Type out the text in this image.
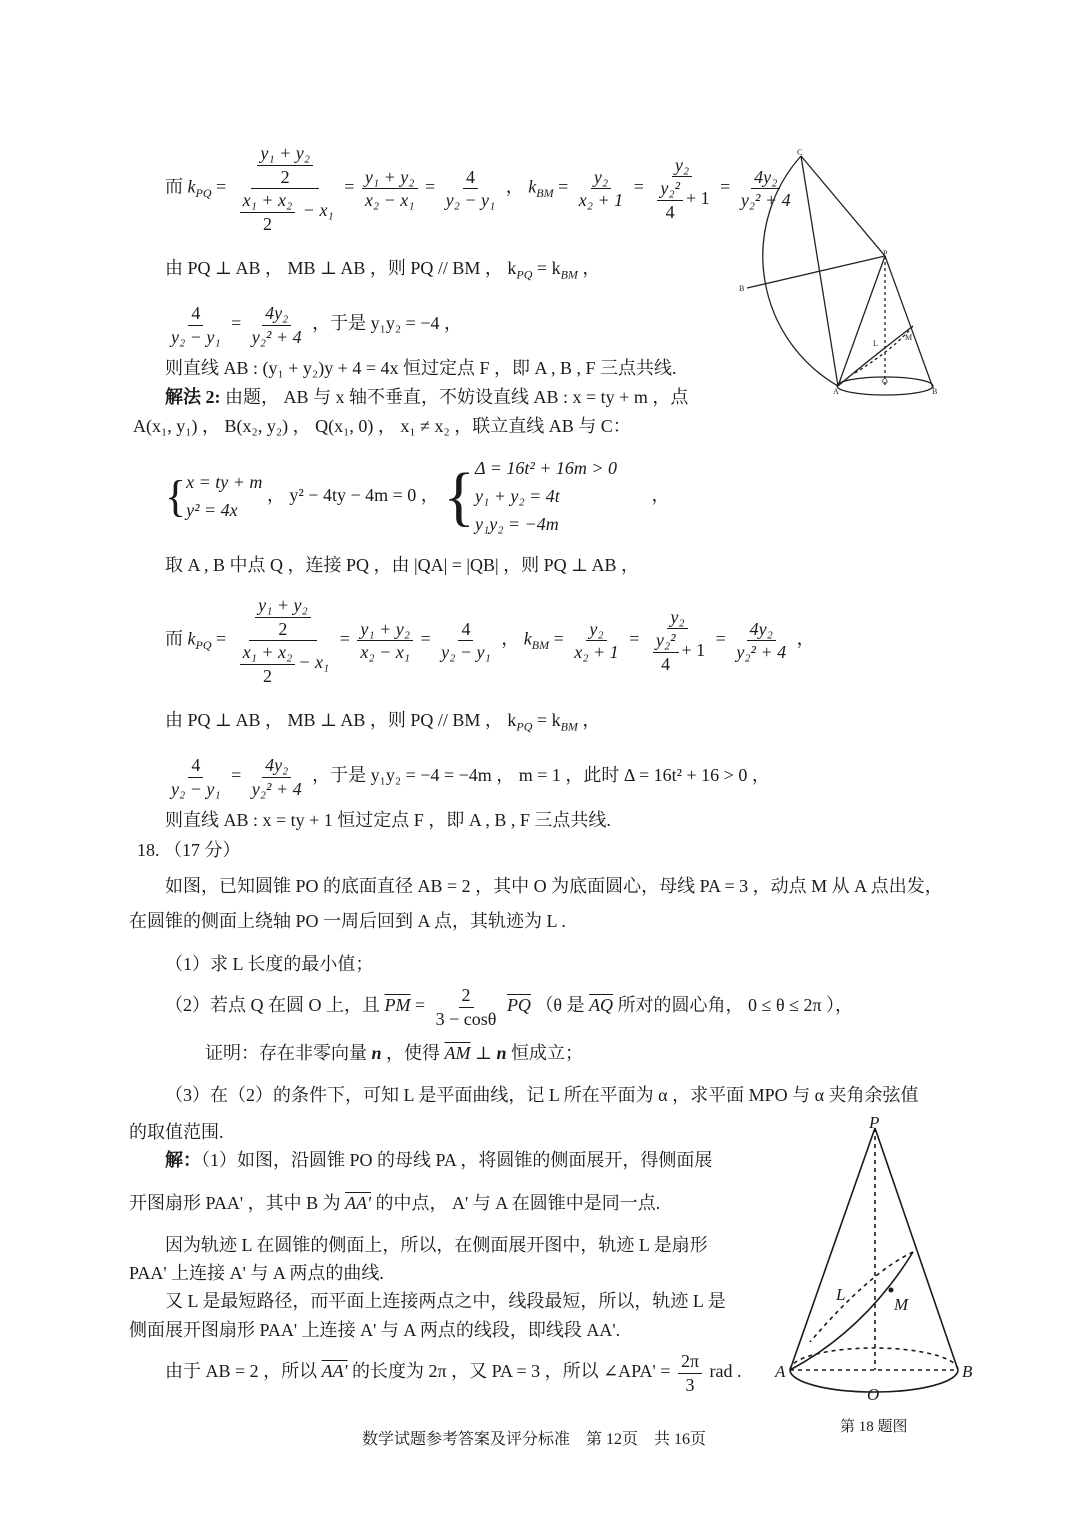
而 $k_{PQ} = \frac{\frac{\text{y₁ + y₂}}{2}}{\frac{\text{x₁ + x₂}}{2} - x_1} = \frac{\text{y₁ + y₂}}{\text{x₂ − x₁}} = \frac{4}{\text{y₂ − y₁}}$ ， $k_{BM} = \frac{\text{y₂}}{\text{x₂ + 1}} = \frac{\text{y₂}}{\frac{\text{y₂²}}{4} + 1} = \frac{\text{4y₂}}{\text{y₂² + 4}}$
由 PQ ⊥ AB ， MB ⊥ AB ，则 PQ // BM ， $k_{PQ} = k_{BM}$ ，
$\frac{4}{\text{y₂ − y₁}} = \frac{\text{4y₂}}{\text{y₂² + 4}}$ ，于是 y₁y₂ = −4 ，
则直线 AB : (y₁ + y₂)y + 4 = 4x 恒过定点 F ，即 A , B , F 三点共线.
解法 2: 由题， AB 与 x 轴不垂直，不妨设直线 AB : x = ty + m ，点
A(x₁, y₁) ， B(x₂, y₂) ， Q(x₁, 0) ， x₁ ≠ x₂ ，联立直线 AB 与 C：
{ x = ty + m
y² = 4x
， y² − 4ty − 4m = 0 ， { Δ = 16t² + 16m > 0
y₁ + y₂ = 4t
y₁y₂ = −4m
，
取 A , B 中点 Q ，连接 PQ ，由 |QA| = |QB| ，则 PQ ⊥ AB ，
而 $k_{PQ} = \frac{\frac{\text{y₁ + y₂}}{2}}{\frac{\text{x₁ + x₂}}{2} - x_1} = \frac{\text{y₁ + y₂}}{\text{x₂ − x₁}} = \frac{4}{\text{y₂ − y₁}}$ ， $k_{BM} = \frac{\text{y₂}}{\text{x₂ + 1}} = \frac{\text{y₂}}{\frac{\text{y₂²}}{4} + 1} = \frac{\text{4y₂}}{\text{y₂² + 4}}$ ，
由 PQ ⊥ AB ， MB ⊥ AB ，则 PQ // BM ， $k_{PQ} = k_{BM}$ ，
$\frac{4}{\text{y₂ − y₁}} = \frac{\text{4y₂}}{\text{y₂² + 4}}$ ，于是 y₁y₂ = −4 = −4m ， m = 1 ，此时 Δ = 16t² + 16 > 0 ，
则直线 AB : x = ty + 1 恒过定点 F ，即 A , B , F 三点共线.
18. （17 分）
如图，已知圆锥 PO 的底面直径 AB = 2 ，其中 O 为底面圆心，母线 PA = 3 ，动点 M 从 A 点出发，
在圆锥的侧面上绕轴 PO 一周后回到 A 点，其轨迹为 L .
（1）求 L 长度的最小值；
（2）若点 Q 在圆 O 上，且 $\overline{PM} = \frac{2}{3 - \cos\theta} \overline{PQ}$ （θ 是 $\overline{AQ}$ 所对的圆心角， 0 ≤ θ ≤ 2π ），
证明：存在非零向量 n ，使得 $\overline{AM}$ ⊥ n 恒成立；
（3）在（2）的条件下，可知 L 是平面曲线，记 L 所在平面为 α ，求平面 MPO 与 α 夹角余弦值
的取值范围.
解：（1）如图，沿圆锥 PO 的母线 PA ，将圆锥的侧面展开，得侧面展
开图扇形 PAA' ，其中 B 为 AA' 的中点， A' 与 A 在圆锥中是同一点.
因为轨迹 L 在圆锥的侧面上，所以，在侧面展开图中，轨迹 L 是扇形
PAA' 上连接 A' 与 A 两点的曲线.
又 L 是最短路径，而平面上连接两点之中，线段最短，所以，轨迹 L 是
侧面展开图扇形 PAA' 上连接 A' 与 A 两点的线段，即线段 AA'.
由于 AB = 2 ，所以 AA' 的长度为 2π ，又 PA = 3 ，所以 ∠APA' = $\frac{2\pi}{3}$ rad .
C
B
P
M
L
A
O
B
P
A	B
O
M
L
第 18 题图
数学试题参考答案及评分标准　第 12页　共 16页
